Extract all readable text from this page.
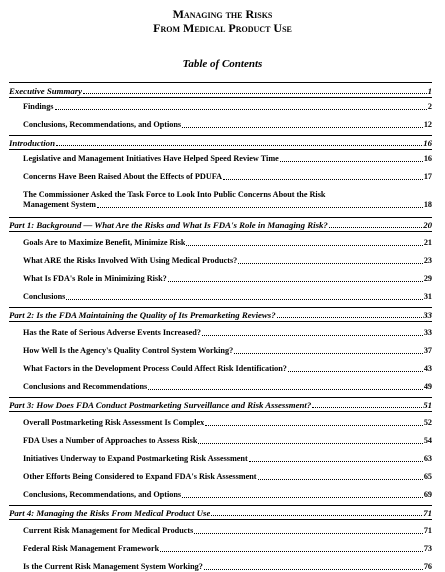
Managing the Risks

From Medical Product Use

Table of Contents
Executive Summary	1
Findings	2
Conclusions, Recommendations, and Options	12
Introduction	16
Legislative and Management Initiatives Have Helped Speed Review Time	16
Concerns Have Been Raised About the Effects of PDUFA	17
The Commissioner Asked the Task Force to Look Into Public Concerns About the Risk
Management System	18
Part 1: Background — What Are the Risks and What Is FDA's Role in Managing Risk?	20
Goals Are to Maximize Benefit, Minimize Risk	21
What ARE the Risks Involved With Using Medical Products?	23
What Is FDA's Role in Minimizing Risk?	29
Conclusions	31
Part 2: Is the FDA Maintaining the Quality of Its Premarketing Reviews?	33
Has the Rate of Serious Adverse Events Increased?	33
How Well Is the Agency's Quality Control System Working?	37
What Factors in the Development Process Could Affect Risk Identification?	43
Conclusions and Recommendations	49
Part 3: How Does FDA Conduct Postmarketing Surveillance and Risk Assessment?	51
Overall Postmarketing Risk Assessment Is Complex	52
FDA Uses a Number of Approaches to Assess Risk	54
Initiatives Underway to Expand Postmarketing Risk Assessment	63
Other Efforts Being Considered to Expand FDA's Risk Assessment	65
Conclusions, Recommendations, and Options	69
Part 4: Managing the Risks From Medical Product Use	71
Current Risk Management for Medical Products	71
Federal Risk Management Framework	73
Is the Current Risk Management System Working?	76
